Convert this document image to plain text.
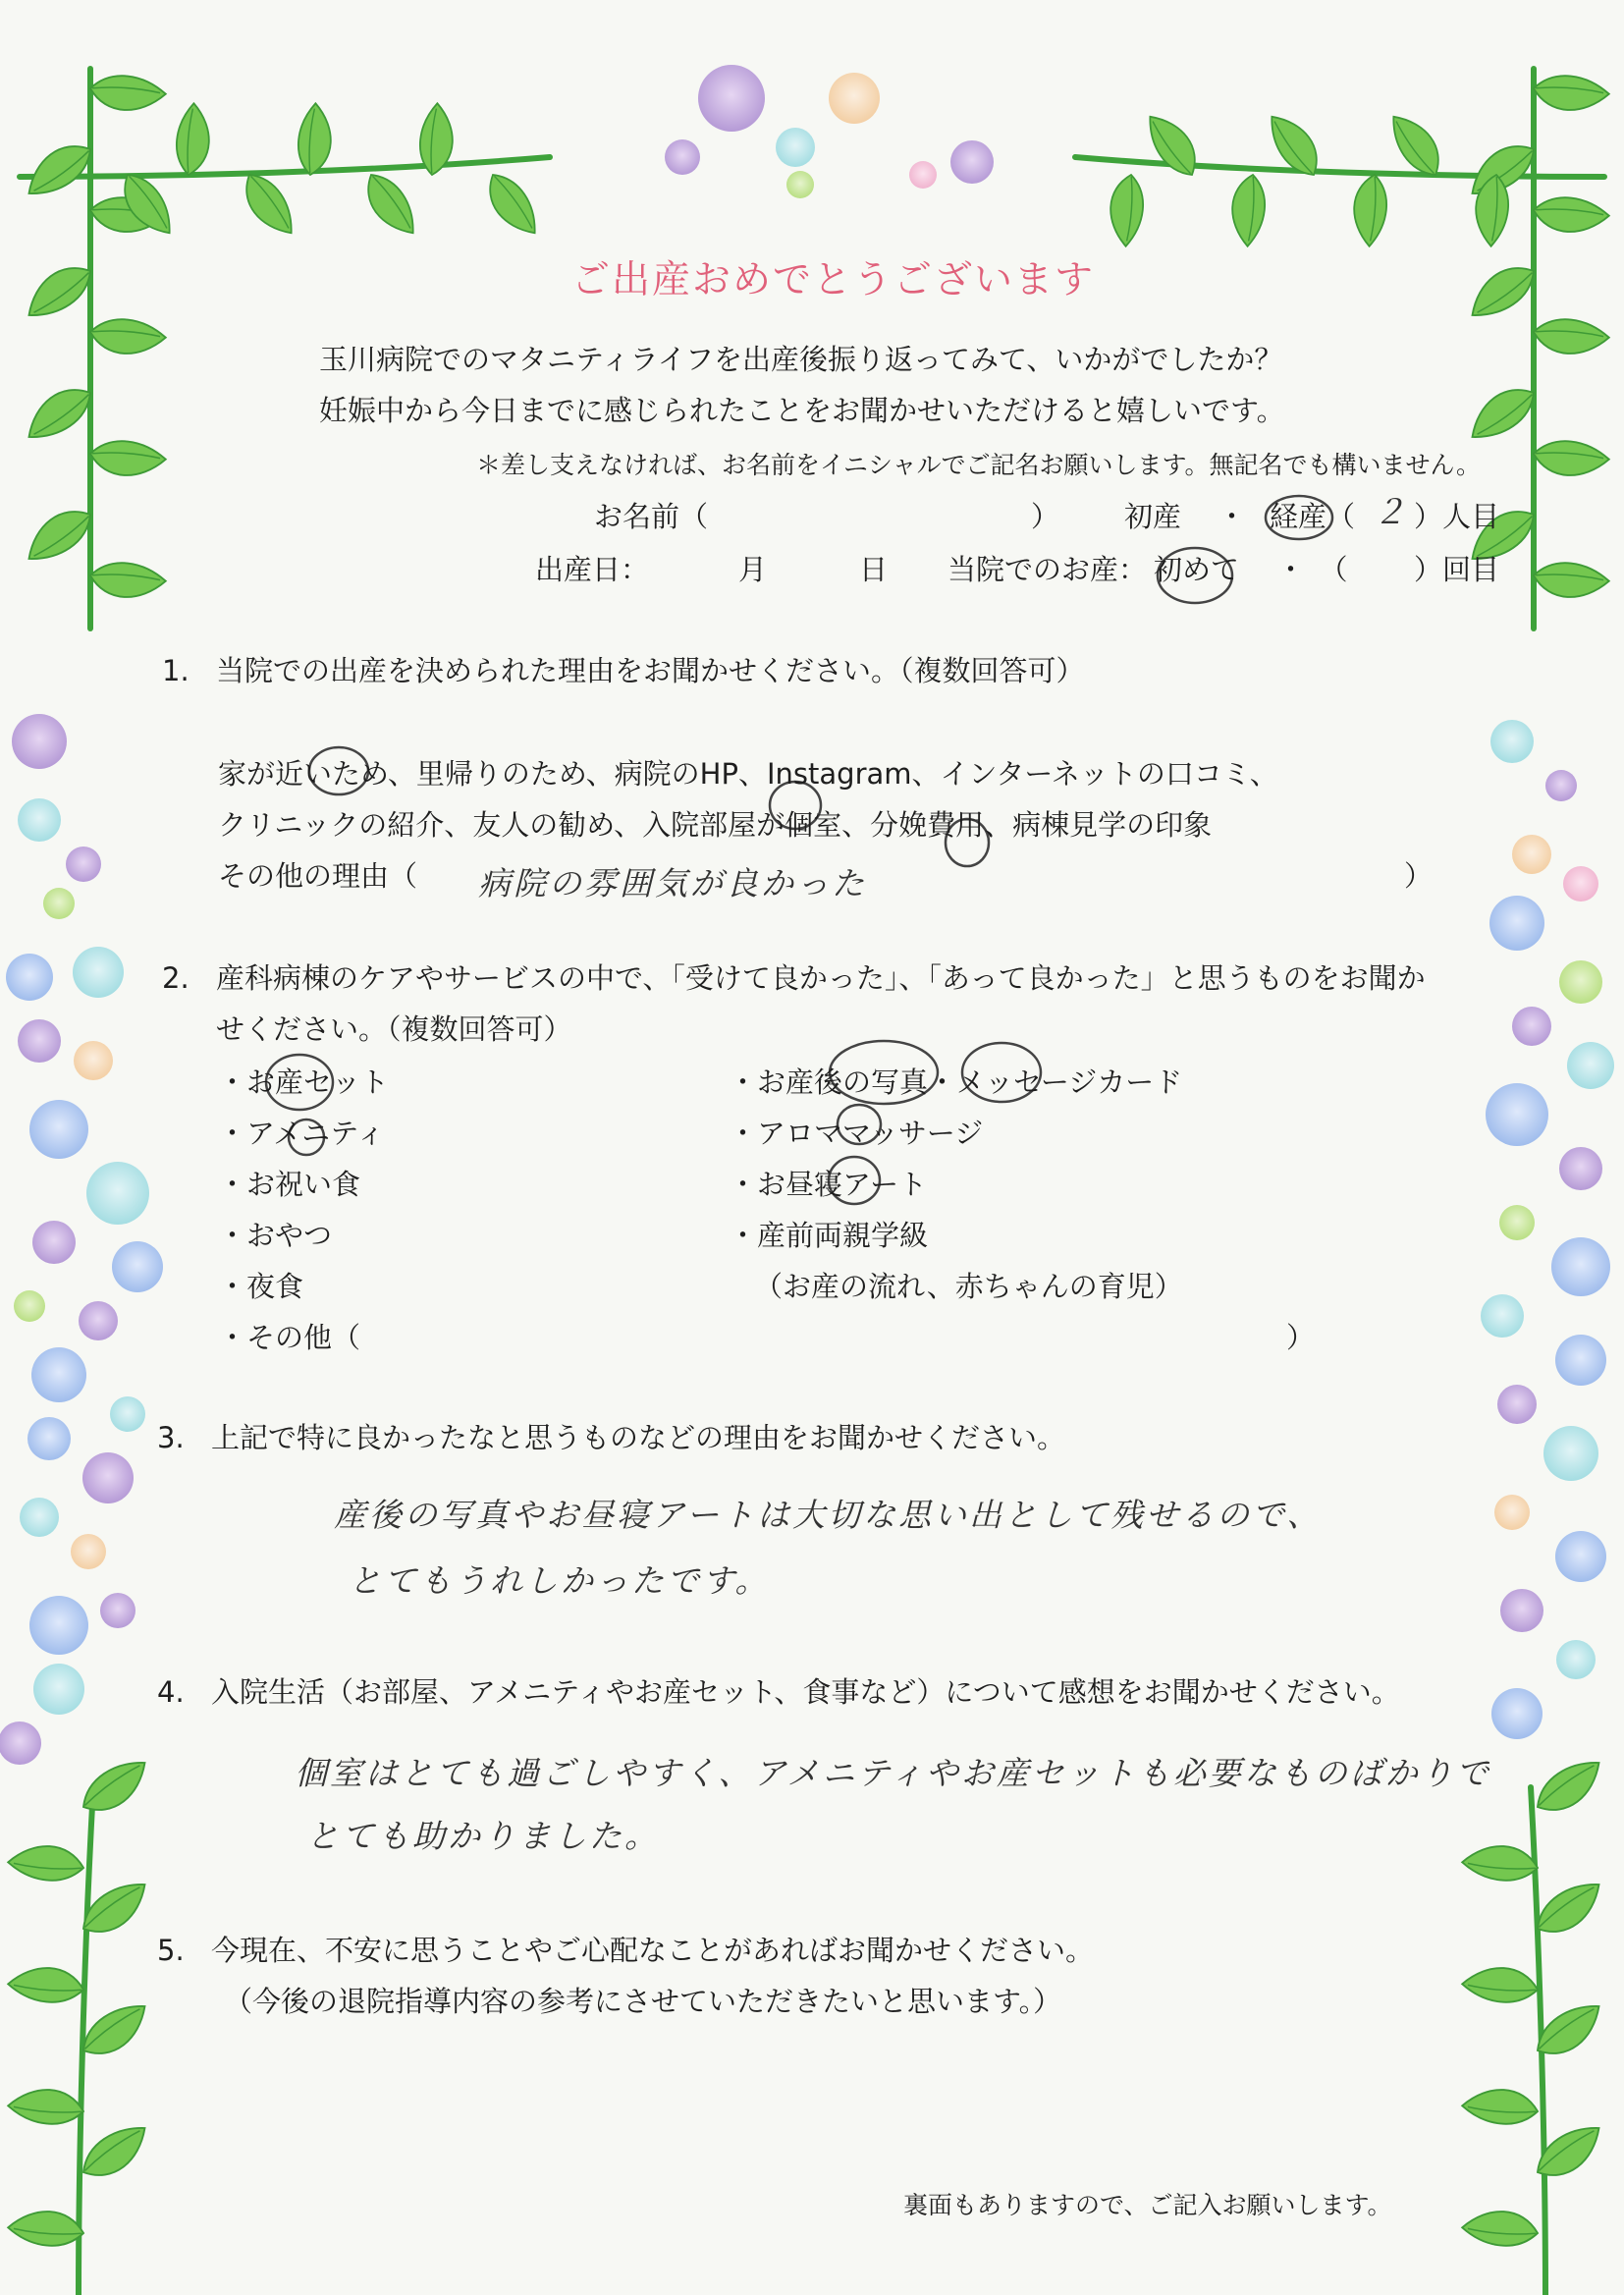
ご出産おめでとうございます
玉川病院でのマタニティライフを出産後振り返ってみて、いかがでしたか？
妊娠中から今日までに感じられたことをお聞かせいただけると嬉しいです。
＊差し支えなければ、お名前をイニシャルでご記名お願いします。無記名でも構いません。
お名前（	） 初産 ・ 経産（ ２ ）人目
出産日：	月	日 当院でのお産： 初めて ・　（ ）回目
1. 当院での出産を決められた理由をお聞かせください。（複数回答可）
家が近いため、里帰りのため、病院のHP、Instagram、インターネットの口コミ、
クリニックの紹介、友人の勧め、入院部屋が個室、分娩費用、病棟見学の印象
その他の理由（ 病院の雰囲気が良かった	）
2. 産科病棟のケアやサービスの中で、「受けて良かった」、「あって良かった」と思うものをお聞か
せください。（複数回答可）
・お産セット
・アメニティ
・お祝い食
・おやつ
・夜食
・その他（	）
・お産後の写真・メッセージカード
・アロママッサージ
・お昼寝アート
・産前両親学級
（お産の流れ、赤ちゃんの育児）
3. 上記で特に良かったなと思うものなどの理由をお聞かせください。
産後の写真やお昼寝アートは大切な思い出として残せるので、
とてもうれしかったです。
4. 入院生活（お部屋、アメニティやお産セット、食事など）について感想をお聞かせください。
個室はとても過ごしやすく、アメニティやお産セットも必要なものばかりで
とても助かりました。
5. 今現在、不安に思うことやご心配なことがあればお聞かせください。
（今後の退院指導内容の参考にさせていただきたいと思います。）
裏面もありますので、ご記入お願いします。
